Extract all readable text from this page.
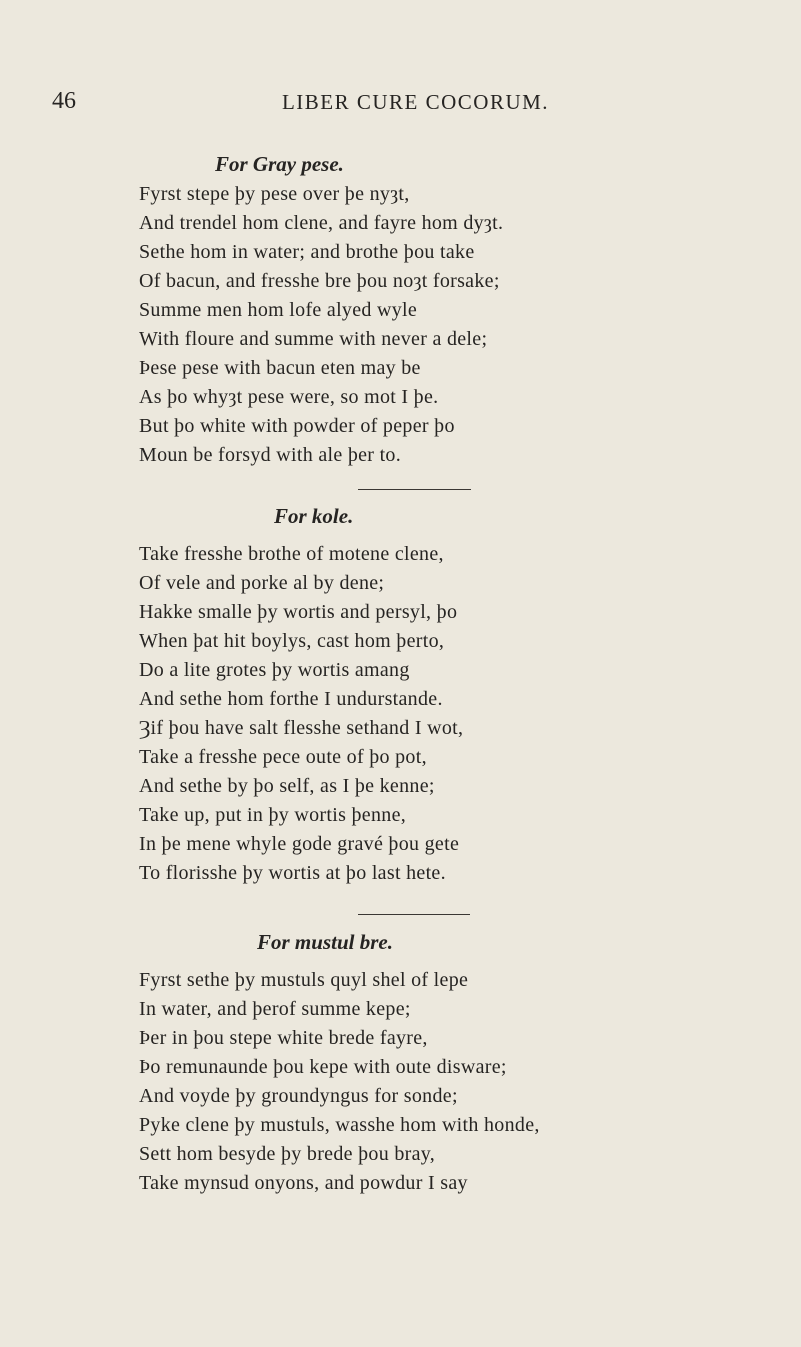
46	LIBER CURE COCORUM.
For Gray pese.

Fyrst stepe þy pese over þe nyȝt,

And trendel hom clene, and fayre hom dyȝt.

Sethe hom in water; and brothe þou take

Of bacun, and fresshe bre þou noȝt forsake;

Summe men hom lofe alyed wyle

With floure and summe with never a dele;

Þese pese with bacun eten may be

As þo whyȝt pese were, so mot I þe.

But þo white with powder of peper þo

Moun be forsyd with ale þer to.

For kole.

Take fresshe brothe of motene clene,

Of vele and porke al by dene;

Hakke smalle þy wortis and persyl, þo

When þat hit boylys, cast hom þerto,

Do a lite grotes þy wortis amang

And sethe hom forthe I undurstande.

Ȝif þou have salt flesshe sethand I wot,

Take a fresshe pece oute of þo pot,

And sethe by þo self, as I þe kenne;

Take up, put in þy wortis þenne,

In þe mene whyle gode gravé þou gete

To florisshe þy wortis at þo last hete.

For mustul bre.

Fyrst sethe þy mustuls quyl shel of lepe

In water, and þerof summe kepe;

Þer in þou stepe white brede fayre,

Þo remunaunde þou kepe with oute disware;

And voyde þy groundyngus for sonde;

Pyke clene þy mustuls, wasshe hom with honde,

Sett hom besyde þy brede þou bray,

Take mynsud onyons, and powdur I say
